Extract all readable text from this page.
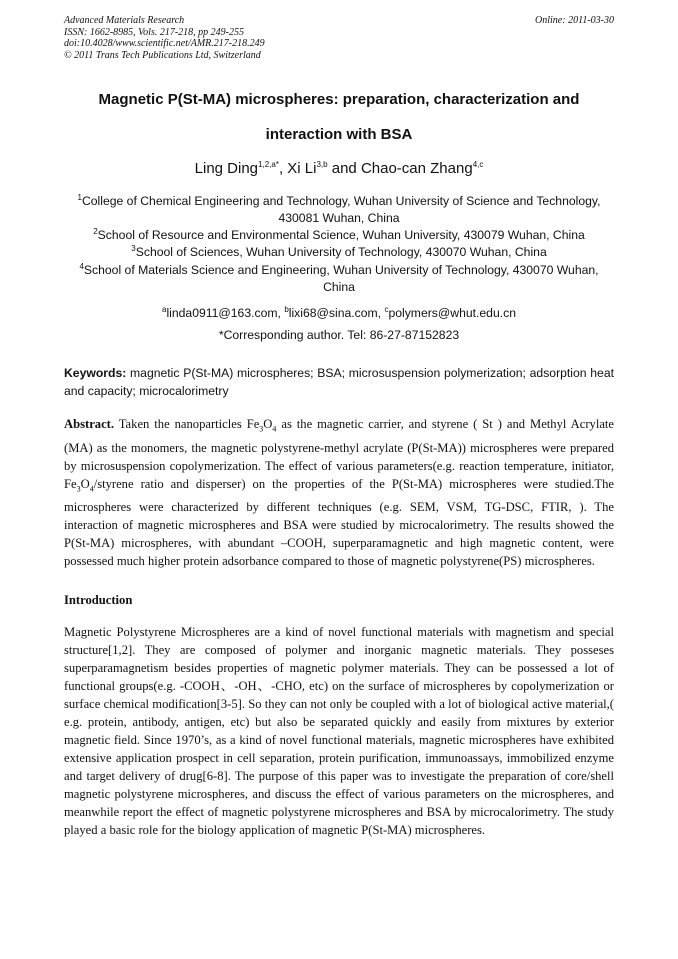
Advanced Materials Research
ISSN: 1662-8985, Vols. 217-218, pp 249-255
doi:10.4028/www.scientific.net/AMR.217-218.249
© 2011 Trans Tech Publications Ltd, Switzerland
Online: 2011-03-30
Magnetic P(St-MA) microspheres: preparation, characterization and
interaction with BSA
Ling Ding$^{1,2,a*}$, Xi Li$^{3,b}$ and Chao-can Zhang$^{4,c}$
$^1$College of Chemical Engineering and Technology, Wuhan University of Science and Technology,
430081 Wuhan, China
$^2$School of Resource and Environmental Science, Wuhan University, 430079 Wuhan, China
$^3$School of Sciences, Wuhan University of Technology, 430070 Wuhan, China
$^4$School of Materials Science and Engineering, Wuhan University of Technology, 430070 Wuhan,
China
$^a$linda0911@163.com, $^b$lixi68@sina.com, $^c$polymers@whut.edu.cn
*Corresponding author. Tel: 86-27-87152823
Keywords: magnetic P(St-MA) microspheres; BSA; microsuspension polymerization; adsorption heat and capacity; microcalorimetry
Abstract. Taken the nanoparticles $Fe_3O_4$ as the magnetic carrier, and styrene ( St ) and Methyl Acrylate (MA) as the monomers, the magnetic polystyrene-methyl acrylate (P(St-MA)) microspheres were prepared by microsuspension copolymerization. The effect of various parameters(e.g. reaction temperature, initiator, $Fe_3O_4$/styrene ratio and disperser) on the properties of the P(St-MA) microspheres were studied.The microspheres were characterized by different techniques (e.g. SEM, VSM, TG-DSC, FTIR, ). The interaction of magnetic microspheres and BSA were studied by microcalorimetry. The results showed the P(St-MA) microspheres, with abundant –COOH, superparamagnetic and high magnetic content, were possessed much higher protein adsorbance compared to those of magnetic polystyrene(PS) microspheres.
Introduction
Magnetic Polystyrene Microspheres are a kind of novel functional materials with magnetism and special structure[1,2]. They are composed of polymer and inorganic magnetic materials. They posseses superparamagnetism besides properties of magnetic polymer materials. They can be possessed a lot of functional groups(e.g. -COOH、-OH、-CHO, etc) on the surface of microspheres by copolymerization or surface chemical modification[3-5]. So they can not only be coupled with a lot of biological active material,( e.g. protein, antibody, antigen, etc) but also be separated quickly and easily from mixtures by exterior magnetic field. Since 1970’s, as a kind of novel functional materials, magnetic microspheres have exhibited extensive application prospect in cell separation, protein purification, immunoassays, immobilized enzyme and target delivery of drug[6-8]. The purpose of this paper was to investigate the preparation of core/shell magnetic polystyrene microspheres, and discuss the effect of various parameters on the microspheres, and meanwhile report the effect of magnetic polystyrene microspheres and BSA by microcalorimetry. The study played a basic role for the biology application of magnetic P(St-MA) microspheres.
